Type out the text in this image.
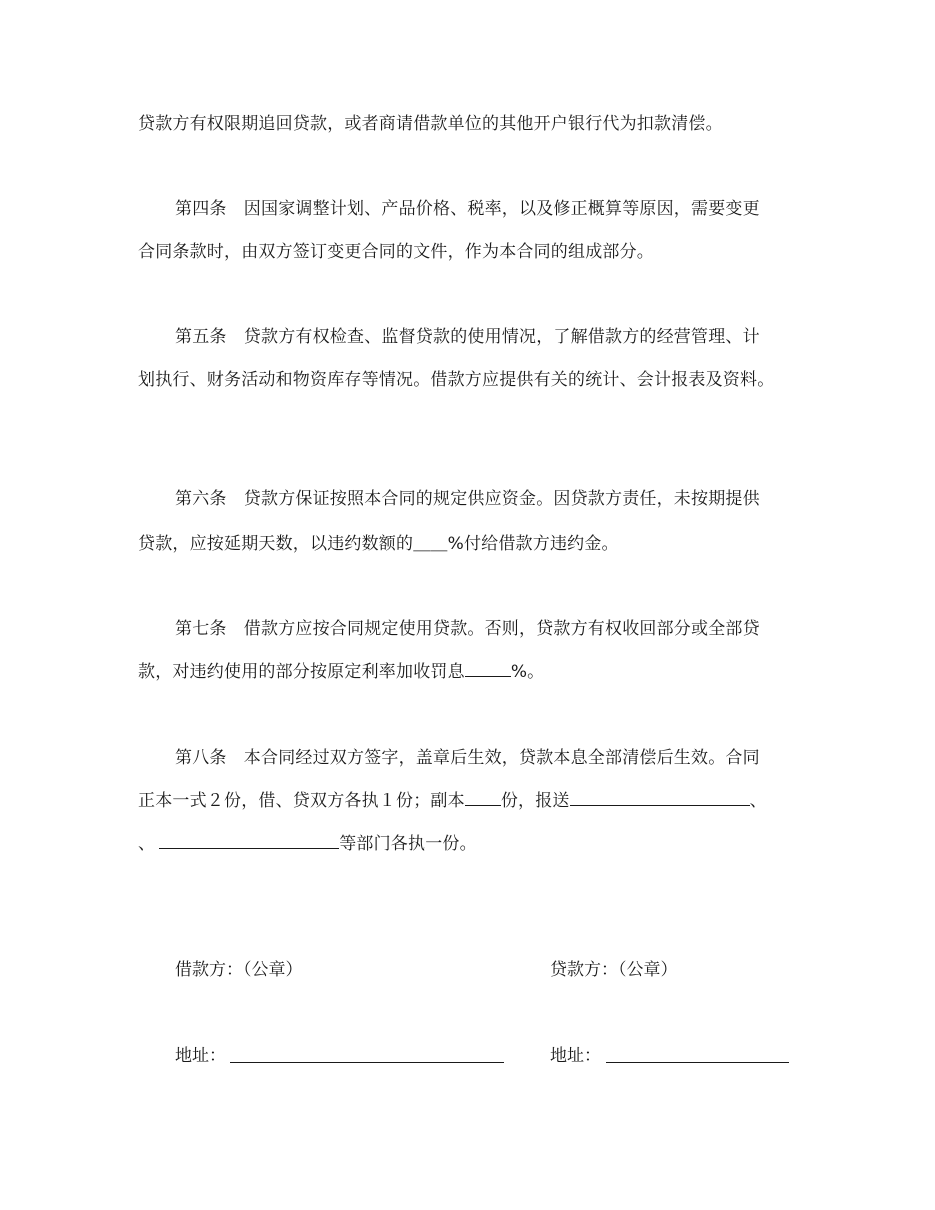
贷款方有权限期追回贷款，或者商请借款单位的其他开户银行代为扣款清偿。
第四条　因国家调整计划、产品价格、税率，以及修正概算等原因，需要变更
合同条款时，由双方签订变更合同的文件，作为本合同的组成部分。
第五条　贷款方有权检查、监督贷款的使用情况，了解借款方的经营管理、计
划执行、财务活动和物资库存等情况。借款方应提供有关的统计、会计报表及资料。
第六条　贷款方保证按照本合同的规定供应资金。因贷款方责任，未按期提供
贷款，应按延期天数，以违约数额的＿＿%付给借款方违约金。
第七条　借款方应按合同规定使用贷款。否则，贷款方有权收回部分或全部贷
款，对违约使用的部分按原定利率加收罚息	%。
第八条　本合同经过双方签字，盖章后生效，贷款本息全部清偿后生效。合同
正本一式２份，借、贷双方各执１份；副本 份，报送	、
、	等部门各执一份。
借款方：（公章）	贷款方：（公章）
地址：	地址：
